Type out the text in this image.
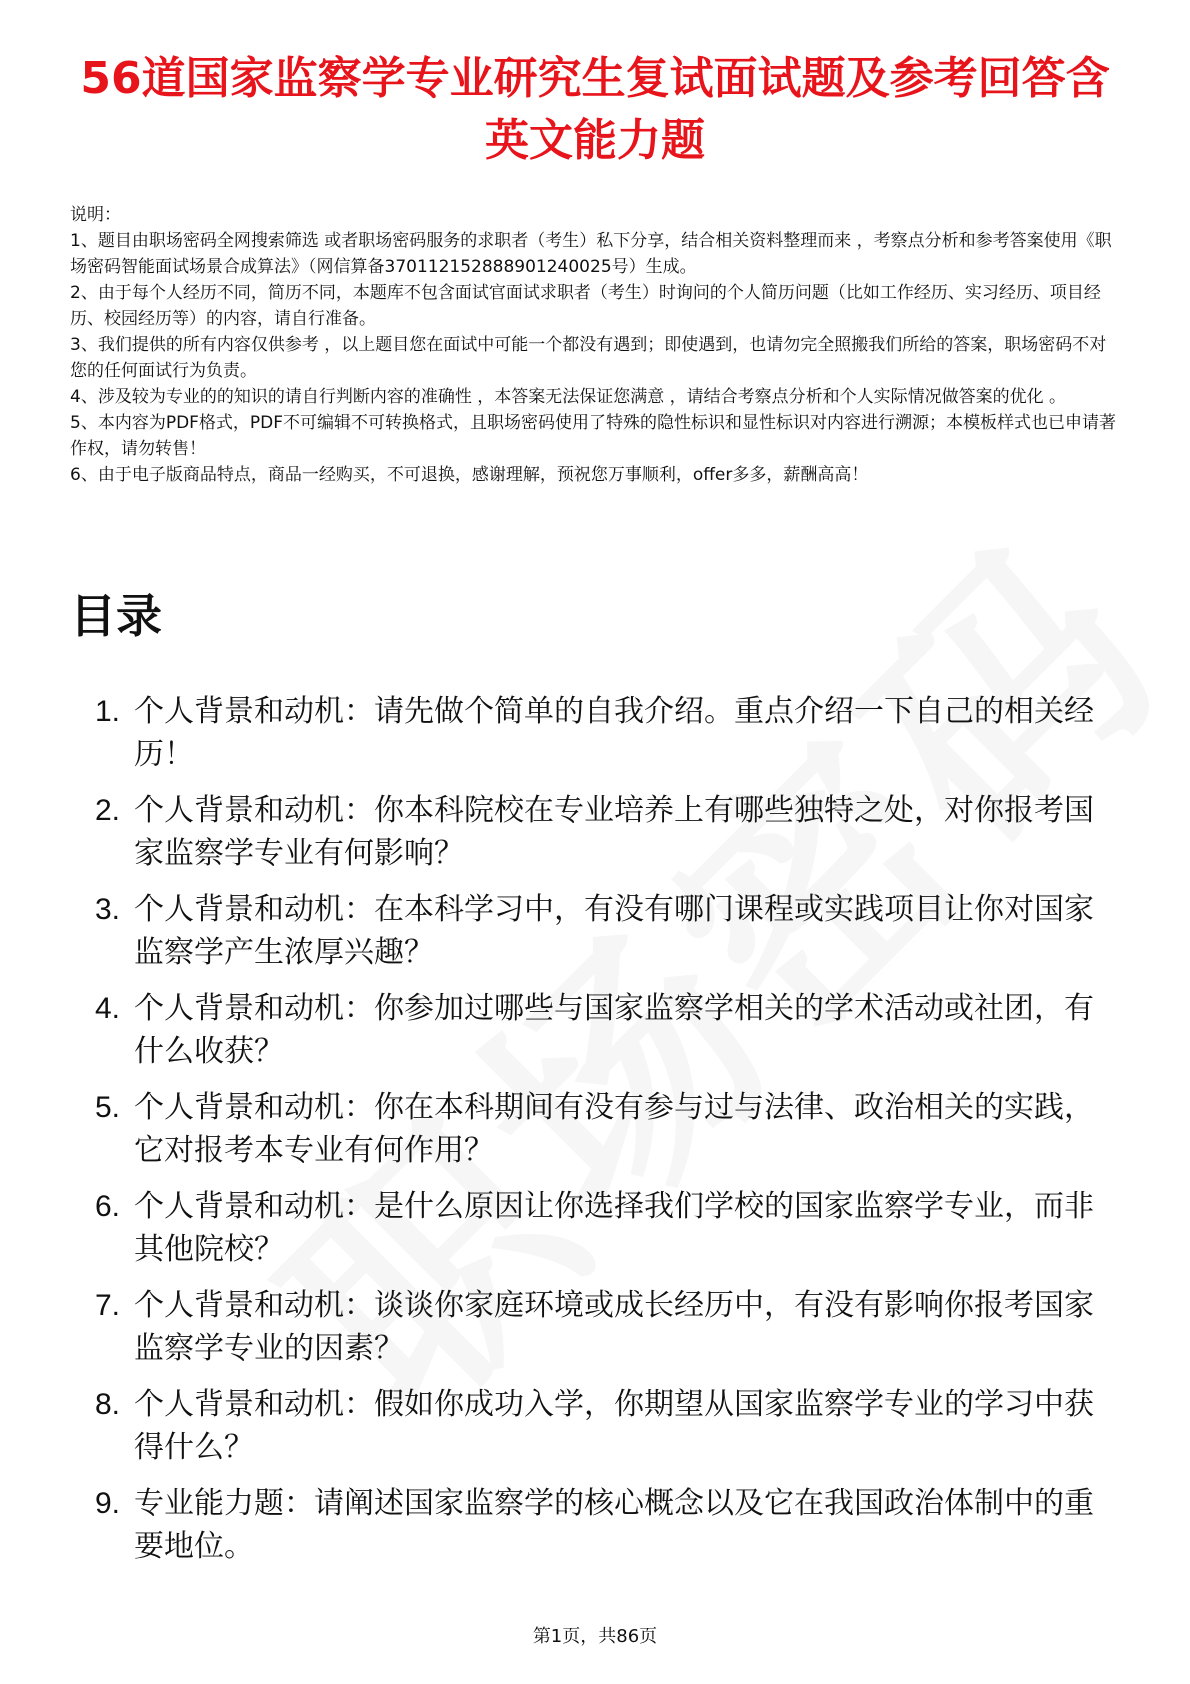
56道国家监察学专业研究生复试面试题及参考回答含英文能力题

说明：

1、题目由职场密码全网搜索筛选 或者职场密码服务的求职者（考生）私下分享，结合相关资料整理而来 ，考察点分析和参考答案使用《职场密码智能面试场景合成算法》（网信算备370112152888901240025号）生成。

2、由于每个人经历不同，简历不同，本题库不包含面试官面试求职者（考生）时询问的个人简历问题（比如工作经历、实习经历、项目经历、校园经历等）的内容，请自行准备。

3、我们提供的所有内容仅供参考 ，以上题目您在面试中可能一个都没有遇到；即使遇到，也请勿完全照搬我们所给的答案，职场密码不对您的任何面试行为负责。

4、涉及较为专业的的知识的请自行判断内容的准确性 ，本答案无法保证您满意 ，请结合考察点分析和个人实际情况做答案的优化 。

5、本内容为PDF格式，PDF不可编辑不可转换格式，且职场密码使用了特殊的隐性标识和显性标识对内容进行溯源；本模板样式也已申请著作权，请勿转售！

6、由于电子版商品特点，商品一经购买，不可退换，感谢理解，预祝您万事顺利，offer多多，薪酬高高！

目录
1. 个人背景和动机：请先做个简单的自我介绍。重点介绍一下自己的相关经历！
2. 个人背景和动机：你本科院校在专业培养上有哪些独特之处，对你报考国家监察学专业有何影响？
3. 个人背景和动机：在本科学习中，有没有哪门课程或实践项目让你对国家监察学产生浓厚兴趣？
4. 个人背景和动机：你参加过哪些与国家监察学相关的学术活动或社团，有什么收获？
5. 个人背景和动机：你在本科期间有没有参与过与法律、政治相关的实践，它对报考本专业有何作用？
6. 个人背景和动机：是什么原因让你选择我们学校的国家监察学专业，而非其他院校？
7. 个人背景和动机：谈谈你家庭环境或成长经历中，有没有影响你报考国家监察学专业的因素？
8. 个人背景和动机：假如你成功入学，你期望从国家监察学专业的学习中获得什么？
9. 专业能力题：请阐述国家监察学的核心概念以及它在我国政治体制中的重要地位。
第1页，共86页
